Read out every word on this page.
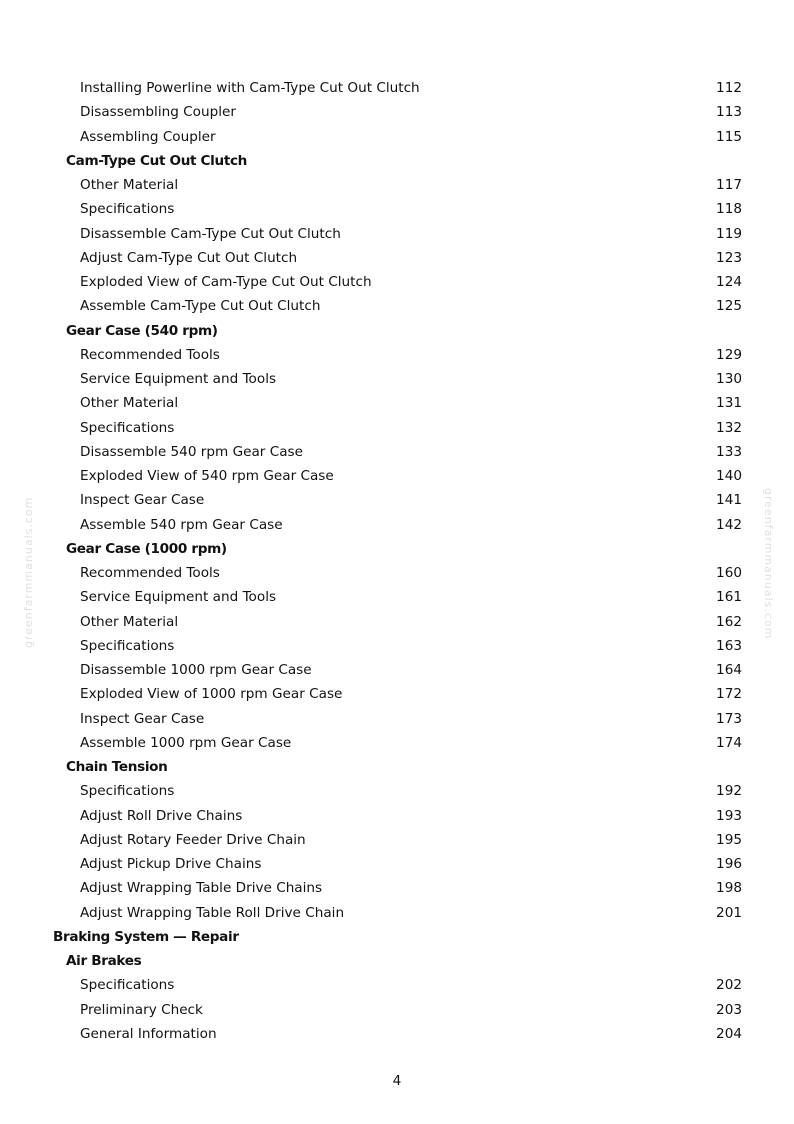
Installing Powerline with Cam-Type Cut Out Clutch	112
Disassembling Coupler	113
Assembling Coupler	115
Cam-Type Cut Out Clutch
Other Material	117
Specifications	118
Disassemble Cam-Type Cut Out Clutch	119
Adjust Cam-Type Cut Out Clutch	123
Exploded View of Cam-Type Cut Out Clutch	124
Assemble Cam-Type Cut Out Clutch	125
Gear Case (540 rpm)
Recommended Tools	129
Service Equipment and Tools	130
Other Material	131
Specifications	132
Disassemble 540 rpm Gear Case	133
Exploded View of 540 rpm Gear Case	140
Inspect Gear Case	141
Assemble 540 rpm Gear Case	142
Gear Case (1000 rpm)
Recommended Tools	160
Service Equipment and Tools	161
Other Material	162
Specifications	163
Disassemble 1000 rpm Gear Case	164
Exploded View of 1000 rpm Gear Case	172
Inspect Gear Case	173
Assemble 1000 rpm Gear Case	174
Chain Tension
Specifications	192
Adjust Roll Drive Chains	193
Adjust Rotary Feeder Drive Chain	195
Adjust Pickup Drive Chains	196
Adjust Wrapping Table Drive Chains	198
Adjust Wrapping Table Roll Drive Chain	201
Braking System — Repair
Air Brakes
Specifications	202
Preliminary Check	203
General Information	204
greenfarmmanuals.com	greenfarmmanuals.com
4
